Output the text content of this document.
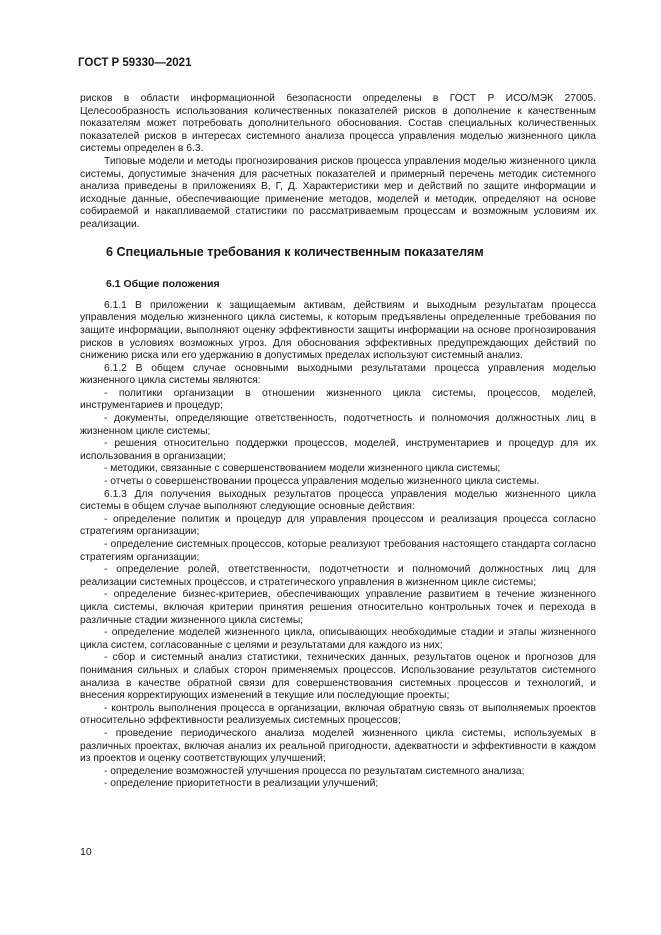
ГОСТ Р 59330—2021

рисков в области информационной безопасности определены в ГОСТ Р ИСО/МЭК 27005. Целесообразность использования количественных показателей рисков в дополнение к качественным показателям может потребовать дополнительного обоснования. Состав специальных количественных показателей рисков в интересах системного анализа процесса управления моделью жизненного цикла системы определен в 6.3.

Типовые модели и методы прогнозирования рисков процесса управления моделью жизненного цикла системы, допустимые значения для расчетных показателей и примерный перечень методик системного анализа приведены в приложениях В, Г, Д. Характеристики мер и действий по защите информации и исходные данные, обеспечивающие применение методов, моделей и методик, определяют на основе собираемой и накапливаемой статистики по рассматриваемым процессам и возможным условиям их реализации.

6 Специальные требования к количественным показателям

6.1 Общие положения

6.1.1 В приложении к защищаемым активам, действиям и выходным результатам процесса управления моделью жизненного цикла системы, к которым предъявлены определенные требования по защите информации, выполняют оценку эффективности защиты информации на основе прогнозирования рисков в условиях возможных угроз. Для обоснования эффективных предупреждающих действий по снижению риска или его удержанию в допустимых пределах используют системный анализ.

6.1.2 В общем случае основными выходными результатами процесса управления моделью жизненного цикла системы являются:

- политики организации в отношении жизненного цикла системы, процессов, моделей, инструментариев и процедур;

- документы, определяющие ответственность, подотчетность и полномочия должностных лиц в жизненном цикле системы;

- решения относительно поддержки процессов, моделей, инструментариев и процедур для их использования в организации;

- методики, связанные с совершенствованием модели жизненного цикла системы;

- отчеты о совершенствовании процесса управления моделью жизненного цикла системы.

6.1.3 Для получения выходных результатов процесса управления моделью жизненного цикла системы в общем случае выполняют следующие основные действия:

- определение политик и процедур для управления процессом и реализация процесса согласно стратегиям организации;

- определение системных процессов, которые реализуют требования настоящего стандарта согласно стратегиям организации;

- определение ролей, ответственности, подотчетности и полномочий должностных лиц для реализации системных процессов, и стратегического управления в жизненном цикле системы;

- определение бизнес-критериев, обеспечивающих управление развитием в течение жизненного цикла системы, включая критерии принятия решения относительно контрольных точек и перехода в различные стадии жизненного цикла системы;

- определение моделей жизненного цикла, описывающих необходимые стадии и этапы жизненного цикла систем, согласованные с целями и результатами для каждого из них;

- сбор и системный анализ статистики, технических данных, результатов оценок и прогнозов для понимания сильных и слабых сторон применяемых процессов. Использование результатов системного анализа в качестве обратной связи для совершенствования системных процессов и технологий, и внесения корректирующих изменений в текущие или последующие проекты;

- контроль выполнения процесса в организации, включая обратную связь от выполняемых проектов относительно эффективности реализуемых системных процессов;

- проведение периодического анализа моделей жизненного цикла системы, используемых в различных проектах, включая анализ их реальной пригодности, адекватности и эффективности в каждом из проектов и оценку соответствующих улучшений;

- определение возможностей улучшения процесса по результатам системного анализа;

- определение приоритетности в реализации улучшений;

10
